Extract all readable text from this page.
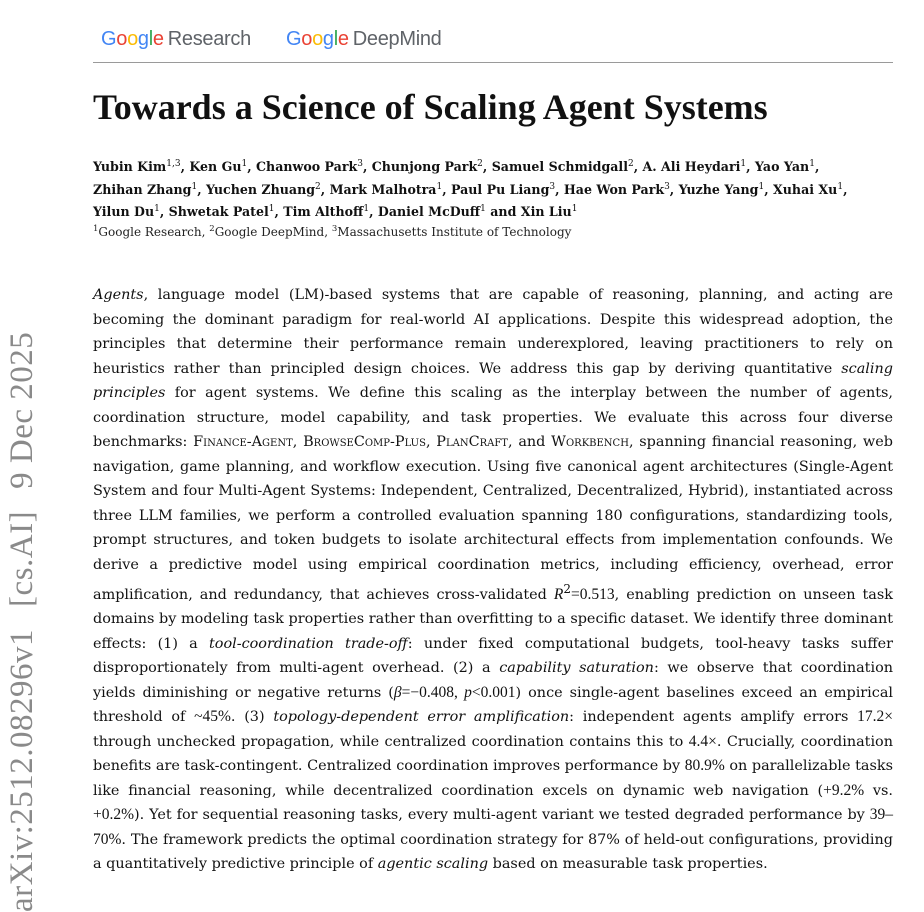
Google Research Google DeepMind
arXiv:2512.08296v1[cs.AI]9 Dec 2025
Towards a Science of Scaling Agent Systems
Yubin Kim$^{1,3}$, Ken Gu$^1$, Chanwoo Park$^3$, Chunjong Park$^2$, Samuel Schmidgall$^2$, A. Ali Heydari$^1$, Yao Yan$^1$,
Zhihan Zhang$^1$, Yuchen Zhuang$^2$, Mark Malhotra$^1$, Paul Pu Liang$^3$, Hae Won Park$^3$, Yuzhe Yang$^1$, Xuhai Xu$^1$,
Yilun Du$^1$, Shwetak Patel$^1$, Tim Althoff$^1$, Daniel McDuff$^1$ and Xin Liu$^1$
$^1$Google Research, $^2$Google DeepMind, $^3$Massachusetts Institute of Technology

Agents, language model (LM)-based systems that are capable of reasoning, planning, and acting are becoming the dominant paradigm for real-world AI applications. Despite this widespread adoption, the principles that determine their performance remain underexplored, leaving practitioners to rely on heuristics rather than principled design choices. We address this gap by deriving quantitative scaling principles for agent systems. We define this scaling as the interplay between the number of agents, coordination structure, model capability, and task properties. We evaluate this across four diverse benchmarks: Finance-Agent, BrowseComp-Plus, PlanCraft, and Workbench, spanning financial reasoning, web navigation, game planning, and workflow execution. Using five canonical agent architectures (Single-Agent System and four Multi-Agent Systems: Independent, Centralized, Decentralized, Hybrid), instantiated across three LLM families, we perform a controlled evaluation spanning 180 configurations, standardizing tools, prompt structures, and token budgets to isolate architectural effects from implementation confounds. We derive a predictive model using empirical coordination metrics, including efficiency, overhead, error amplification, and redundancy, that achieves cross-validated $R^2=0.513$, enabling prediction on unseen task domains by modeling task properties rather than overfitting to a specific dataset. We identify three dominant effects: (1) a tool-coordination trade-off: under fixed computational budgets, tool-heavy tasks suffer disproportionately from multi-agent overhead. (2) a capability saturation: we observe that coordination yields diminishing or negative returns (β=−0.408, p<0.001) once single-agent baselines exceed an empirical threshold of ~45%. (3) topology-dependent error amplification: independent agents amplify errors 17.2× through unchecked propagation, while centralized coordination contains this to 4.4×. Crucially, coordination benefits are task-contingent. Centralized coordination improves performance by 80.9% on parallelizable tasks like financial reasoning, while decentralized coordination excels on dynamic web navigation (+9.2% vs. +0.2%). Yet for sequential reasoning tasks, every multi-agent variant we tested degraded performance by 39–70%. The framework predicts the optimal coordination strategy for 87% of held-out configurations, providing a quantitatively predictive principle of agentic scaling based on measurable task properties.
